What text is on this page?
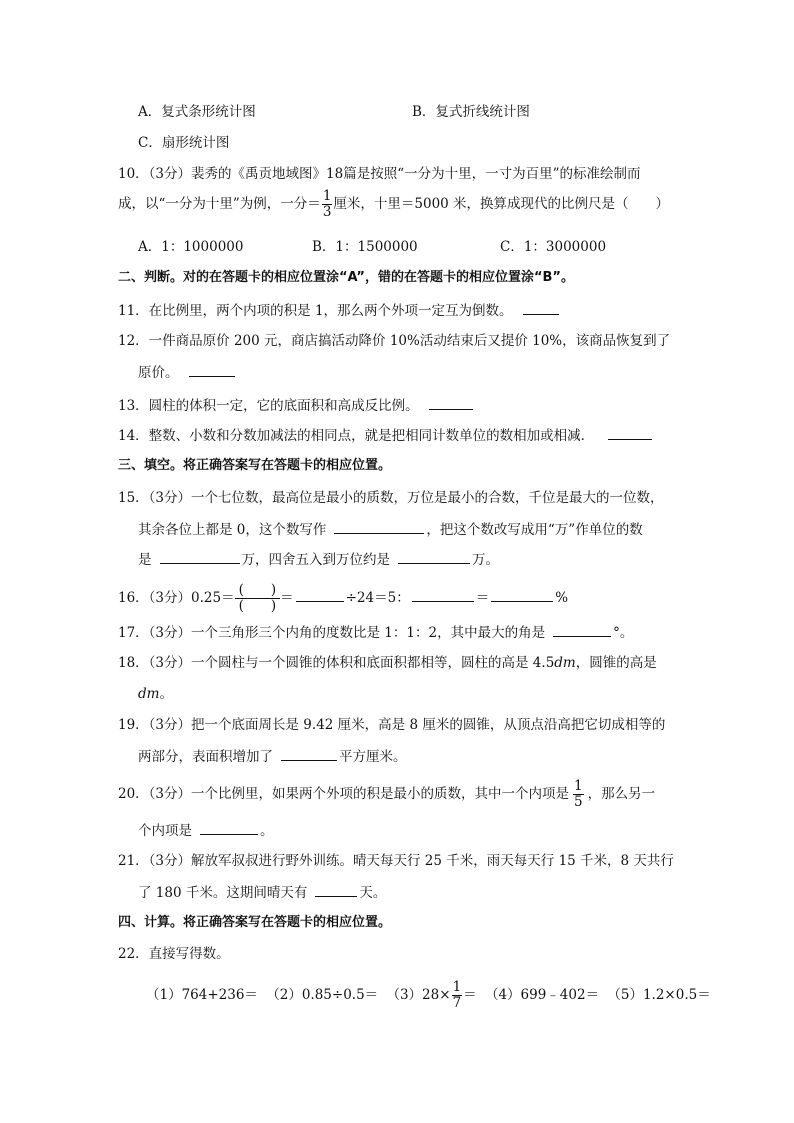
A．复式条形统计图	B．复式折线统计图
C．扇形统计图
10．（3分）裴秀的《禹贡地域图》18篇是按照“一分为十里，一寸为百里”的标准绘制而
成，以“一分为十里”为例，一分＝ $\frac{1}{3}$ 厘米，十里＝5000 米，换算成现代的比例尺是（　　）
A．1：1000000	B．1：1500000	C．1：3000000
二、判断。对的在答题卡的相应位置涂“A”，错的在答题卡的相应位置涂“B”。
11．在比例里，两个内项的积是 1，那么两个外项一定互为倒数。
12．一件商品原价 200 元，商店搞活动降价 10%活动结束后又提价 10%，该商品恢复到了
原价。
13．圆柱的体积一定，它的底面积和高成反比例。
14．整数、小数和分数加减法的相同点，就是把相同计数单位的数相加或相减．
三、填空。将正确答案写在答题卡的相应位置。
15．（3分）一个七位数，最高位是最小的质数，万位是最小的合数，千位是最大的一位数，
其余各位上都是 0，这个数写作	，把这个数改写成用“万”作单位的数
是	万，四舍五入到万位约是	万。
16．（3分）$0.25= \frac{( )}{( )}$ ＝	÷24＝5：	＝	%
17．（3分）一个三角形三个内角的度数比是 1：1：2，其中最大的角是	°。
18．（3分）一个圆柱与一个圆锥的体积和底面积都相等，圆柱的高是 4.5dm，圆锥的高是
dm。
19．（3分）把一个底面周长是 9.42 厘米，高是 8 厘米的圆锥，从顶点沿高把它切成相等的
两部分，表面积增加了	平方厘米。
20．（3分）一个比例里，如果两个外项的积是最小的质数，其中一个内项是 $\frac{1}{5}$ ，那么另一
个内项是	。
21．（3分）解放军叔叔进行野外训练。晴天每天行 25 千米，雨天每天行 15 千米，8 天共行
了 180 千米。这期间晴天有	天。
四、计算。将正确答案写在答题卡的相应位置。
22．直接写得数。
$(1)764+236= (2)0.85\div 0.5= (3)28\times \frac{1}{7}$ ＝ （4）699﹣402＝ （5）1.2×0.5＝
